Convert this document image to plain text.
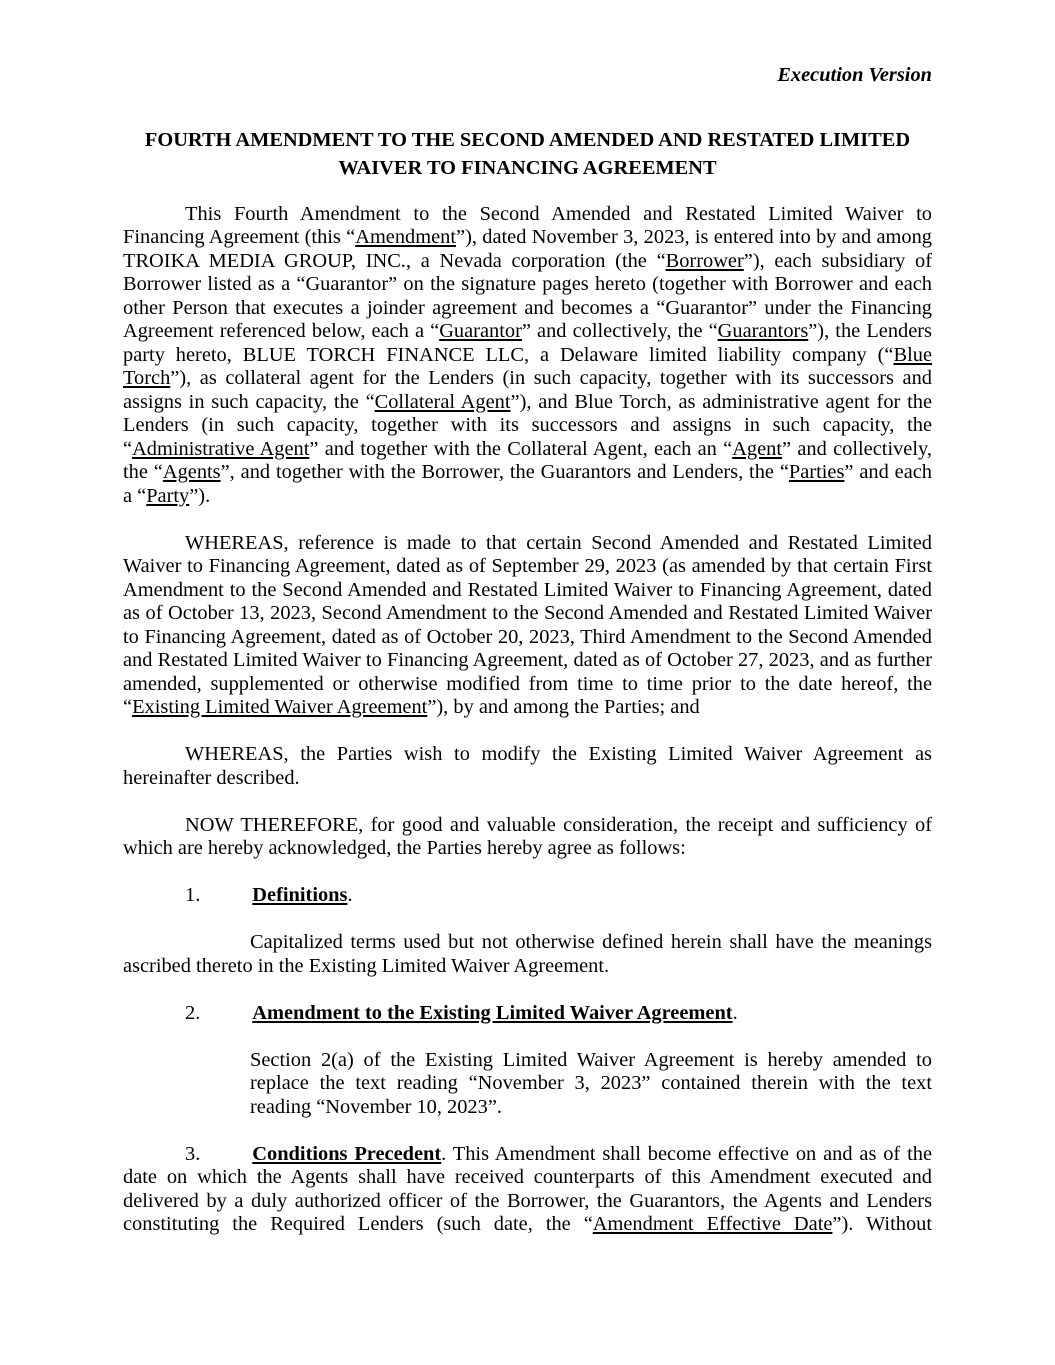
Execution Version
FOURTH AMENDMENT TO THE SECOND AMENDED AND RESTATED LIMITED
WAIVER TO FINANCING AGREEMENT
This Fourth Amendment to the Second Amended and Restated Limited Waiver to Financing Agreement (this “Amendment”), dated November 3, 2023, is entered into by and among TROIKA MEDIA GROUP, INC., a Nevada corporation (the “Borrower”), each subsidiary of Borrower listed as a “Guarantor” on the signature pages hereto (together with Borrower and each other Person that executes a joinder agreement and becomes a “Guarantor” under the Financing Agreement referenced below, each a “Guarantor” and collectively, the “Guarantors”), the Lenders party hereto, BLUE TORCH FINANCE LLC, a Delaware limited liability company (“Blue Torch”), as collateral agent for the Lenders (in such capacity, together with its successors and assigns in such capacity, the “Collateral Agent”), and Blue Torch, as administrative agent for the Lenders (in such capacity, together with its successors and assigns in such capacity, the “Administrative Agent” and together with the Collateral Agent, each an “Agent” and collectively, the “Agents”, and together with the Borrower, the Guarantors and Lenders, the “Parties” and each a “Party”).
WHEREAS, reference is made to that certain Second Amended and Restated Limited Waiver to Financing Agreement, dated as of September 29, 2023 (as amended by that certain First Amendment to the Second Amended and Restated Limited Waiver to Financing Agreement, dated as of October 13, 2023, Second Amendment to the Second Amended and Restated Limited Waiver to Financing Agreement, dated as of October 20, 2023, Third Amendment to the Second Amended and Restated Limited Waiver to Financing Agreement, dated as of October 27, 2023, and as further amended, supplemented or otherwise modified from time to time prior to the date hereof, the “Existing Limited Waiver Agreement”), by and among the Parties; and
WHEREAS, the Parties wish to modify the Existing Limited Waiver Agreement as hereinafter described.
NOW THEREFORE, for good and valuable consideration, the receipt and sufficiency of which are hereby acknowledged, the Parties hereby agree as follows:
1.	Definitions.
Capitalized terms used but not otherwise defined herein shall have the meanings ascribed thereto in the Existing Limited Waiver Agreement.
2.	Amendment to the Existing Limited Waiver Agreement.
Section 2(a) of the Existing Limited Waiver Agreement is hereby amended to replace the text reading “November 3, 2023” contained therein with the text reading “November 10, 2023”.
3.	Conditions Precedent. This Amendment shall become effective on and as of the date on which the Agents shall have received counterparts of this Amendment executed and delivered by a duly authorized officer of the Borrower, the Guarantors, the Agents and Lenders constituting the Required Lenders (such date, the “Amendment Effective Date”). Without
